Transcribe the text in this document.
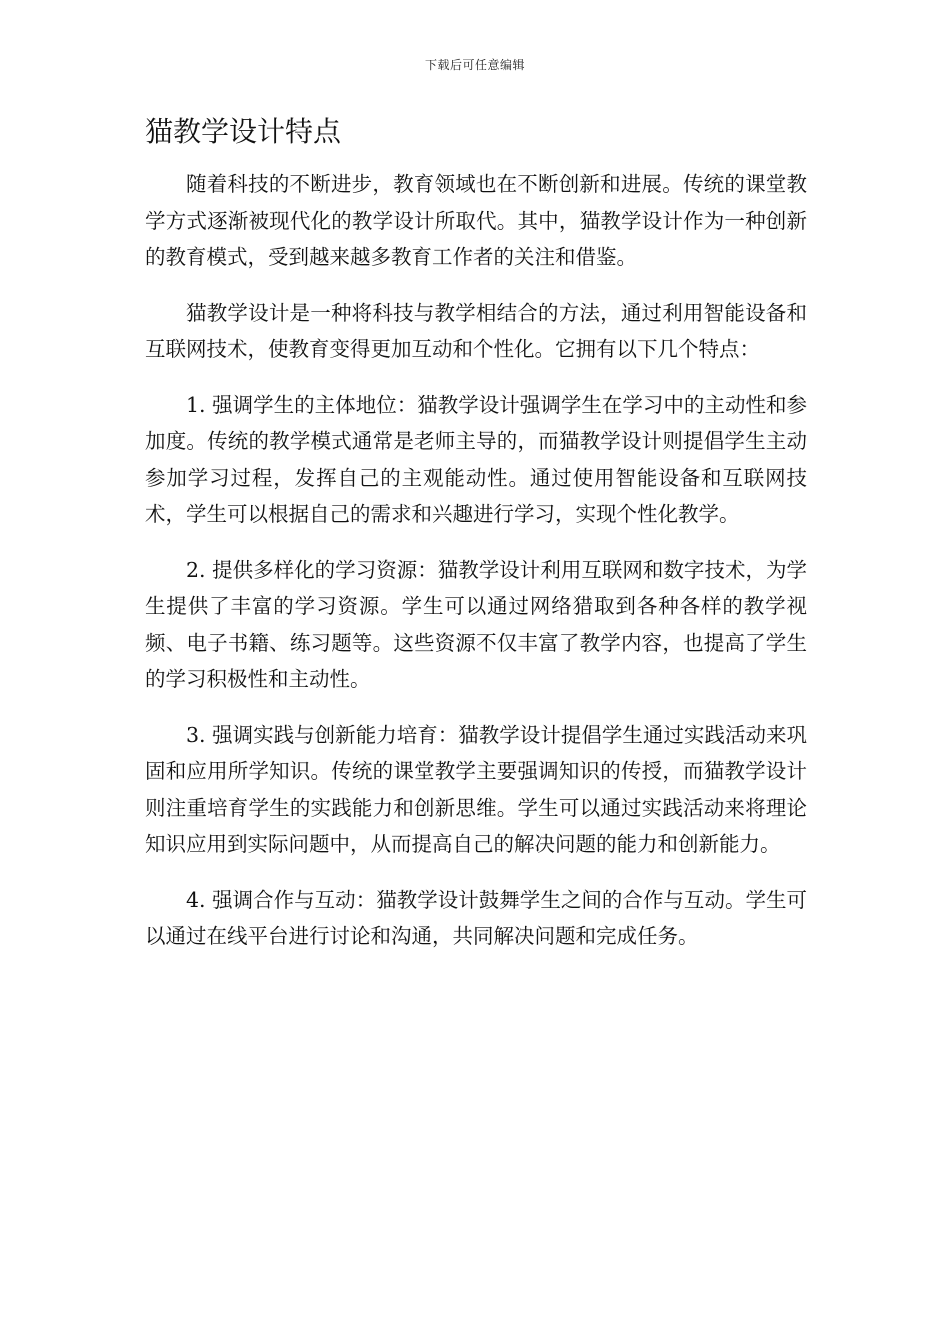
下载后可任意编辑
猫教学设计特点

随着科技的不断进步，教育领域也在不断创新和进展。传统的课堂教学方式逐渐被现代化的教学设计所取代。其中，猫教学设计作为一种创新的教育模式，受到越来越多教育工作者的关注和借鉴。

猫教学设计是一种将科技与教学相结合的方法，通过利用智能设备和互联网技术，使教育变得更加互动和个性化。它拥有以下几个特点：

1. 强调学生的主体地位：猫教学设计强调学生在学习中的主动性和参加度。传统的教学模式通常是老师主导的，而猫教学设计则提倡学生主动参加学习过程，发挥自己的主观能动性。通过使用智能设备和互联网技术，学生可以根据自己的需求和兴趣进行学习，实现个性化教学。

2. 提供多样化的学习资源：猫教学设计利用互联网和数字技术，为学生提供了丰富的学习资源。学生可以通过网络猎取到各种各样的教学视频、电子书籍、练习题等。这些资源不仅丰富了教学内容，也提高了学生的学习积极性和主动性。

3. 强调实践与创新能力培育：猫教学设计提倡学生通过实践活动来巩固和应用所学知识。传统的课堂教学主要强调知识的传授，而猫教学设计则注重培育学生的实践能力和创新思维。学生可以通过实践活动来将理论知识应用到实际问题中，从而提高自己的解决问题的能力和创新能力。

4. 强调合作与互动：猫教学设计鼓舞学生之间的合作与互动。学生可以通过在线平台进行讨论和沟通，共同解决问题和完成任务。
